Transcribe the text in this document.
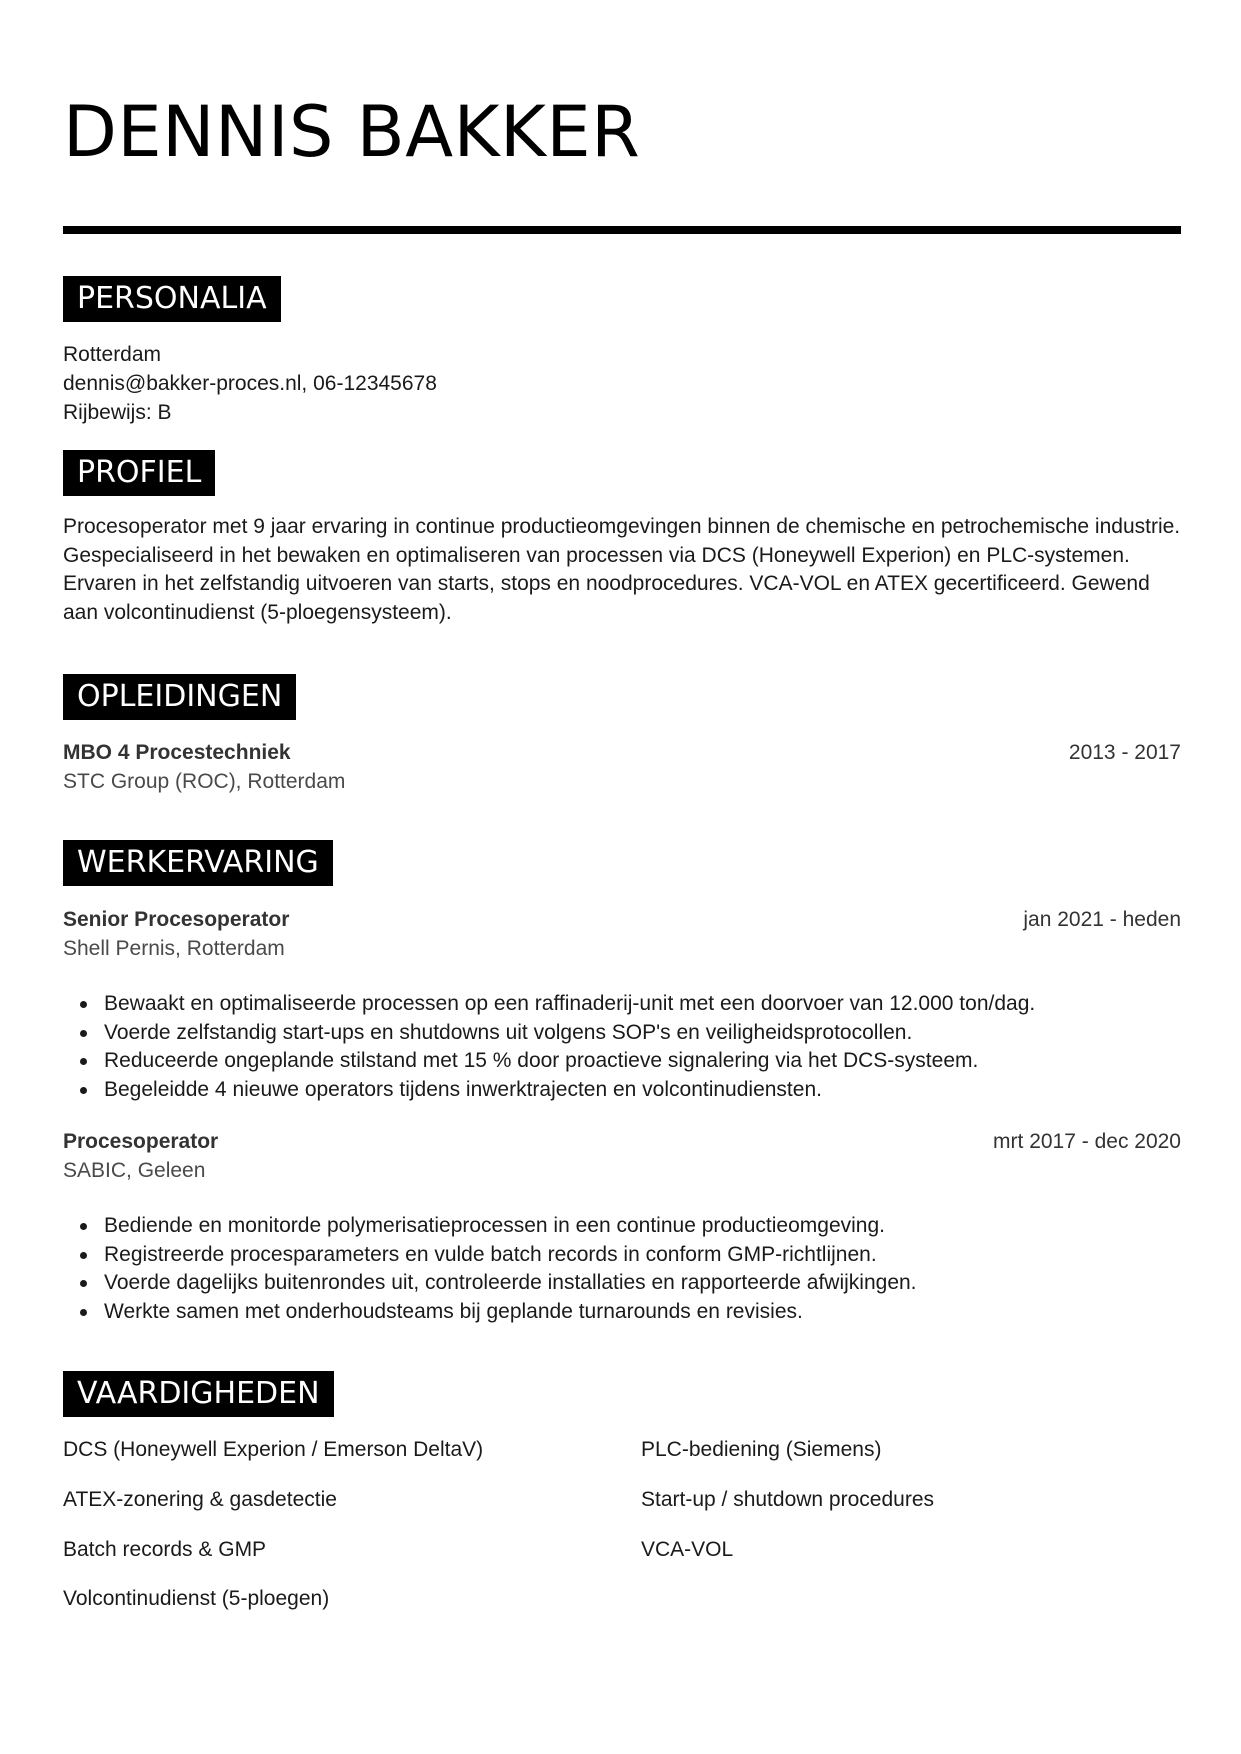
DENNIS BAKKER
PERSONALIA
Rotterdam
dennis@bakker-proces.nl, 06-12345678
Rijbewijs: B
PROFIEL

Procesoperator met 9 jaar ervaring in continue productieomgevingen binnen de chemische en petrochemische industrie. Gespecialiseerd in het bewaken en optimaliseren van processen via DCS (Honeywell Experion) en PLC-systemen. Ervaren in het zelfstandig uitvoeren van starts, stops en noodprocedures. VCA-VOL en ATEX gecertificeerd. Gewend aan volcontinudienst (5-ploegensysteem).

OPLEIDINGEN
MBO 4 Procestechniek	2013 - 2017
STC Group (ROC), Rotterdam
WERKERVARING
Senior Procesoperator	jan 2021 - heden
Shell Pernis, Rotterdam
Bewaakt en optimaliseerde processen op een raffinaderij-unit met een doorvoer van 12.000 ton/dag.
Voerde zelfstandig start-ups en shutdowns uit volgens SOP's en veiligheidsprotocollen.
Reduceerde ongeplande stilstand met 15 % door proactieve signalering via het DCS-systeem.
Begeleidde 4 nieuwe operators tijdens inwerktrajecten en volcontinudiensten.
Procesoperator	mrt 2017 - dec 2020
SABIC, Geleen
Bediende en monitorde polymerisatieprocessen in een continue productieomgeving.
Registreerde procesparameters en vulde batch records in conform GMP-richtlijnen.
Voerde dagelijks buitenrondes uit, controleerde installaties en rapporteerde afwijkingen.
Werkte samen met onderhoudsteams bij geplande turnarounds en revisies.
VAARDIGHEDEN
DCS (Honeywell Experion / Emerson DeltaV)	PLC-bediening (Siemens)
ATEX-zonering & gasdetectie	Start-up / shutdown procedures
Batch records & GMP	VCA-VOL
Volcontinudienst (5-ploegen)
